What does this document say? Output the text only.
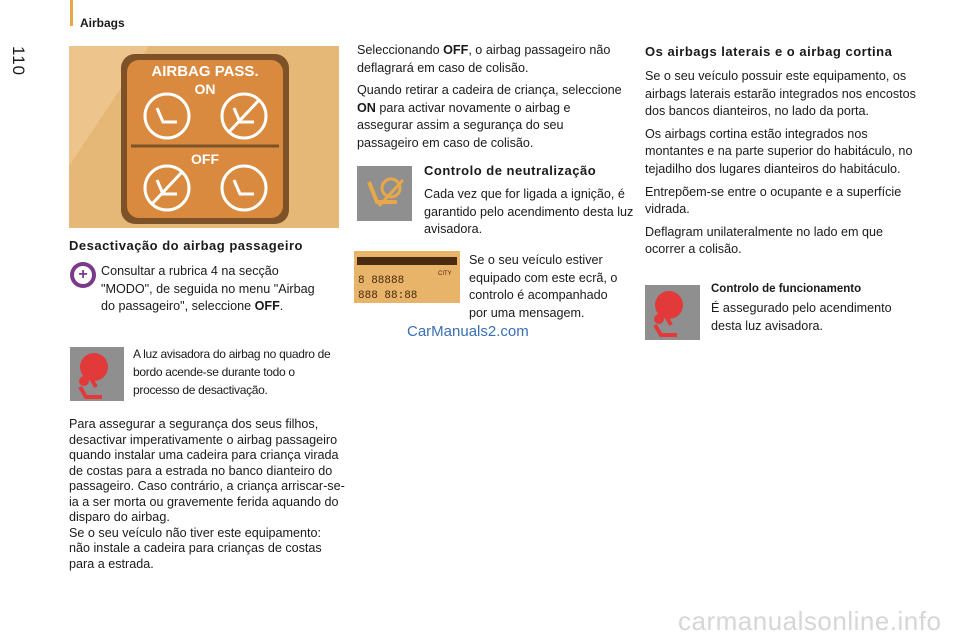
Airbags
110	AIRBAG PASS.
ON
OFF
Desactivação do airbag passageiro
+	Consultar a rubrica 4 na secção "MODO", de seguida no menu "Airbag do passageiro", seleccione OFF.
A luz avisadora do airbag no quadro de bordo acende-se durante todo o processo de desactivação.
Para assegurar a segurança dos seus filhos, desactivar imperativamente o airbag passageiro quando instalar uma cadeira para criança virada de costas para a estrada no banco dianteiro do passageiro. Caso contrário, a criança arriscar-se-ia a ser morta ou gravemente ferida aquando do disparo do airbag.
Se o seu veículo não tiver este equipamento: não instale a cadeira para crianças de costas para a estrada.

Seleccionando OFF, o airbag passageiro não deflagrará em caso de colisão.

Quando retirar a cadeira de criança, seleccione ON para activar novamente o airbag e assegurar assim a segurança do seu passageiro em caso de colisão.

Controlo de neutralização
Cada vez que for ligada a ignição, é garantido pelo acendimento desta luz avisadora.
8 88888
888 88:88
CITY
Se o seu veículo estiver equipado com este ecrã, o controlo é acompanhado por uma mensagem.
CarManuals2.com
Os airbags laterais e o airbag cortina

Se o seu veículo possuir este equipamento, os airbags laterais estarão integrados nos encostos dos bancos dianteiros, no lado da porta.

Os airbags cortina estão integrados nos montantes e na parte superior do habitáculo, no tejadilho dos lugares dianteiros do habitáculo.

Entrepõem-se entre o ocupante e a superfície vidrada.

Deflagram unilateralmente no lado em que ocorrer a colisão.

Controlo de funcionamento
É assegurado pelo acendimento desta luz avisadora.
carmanualsonline.info
